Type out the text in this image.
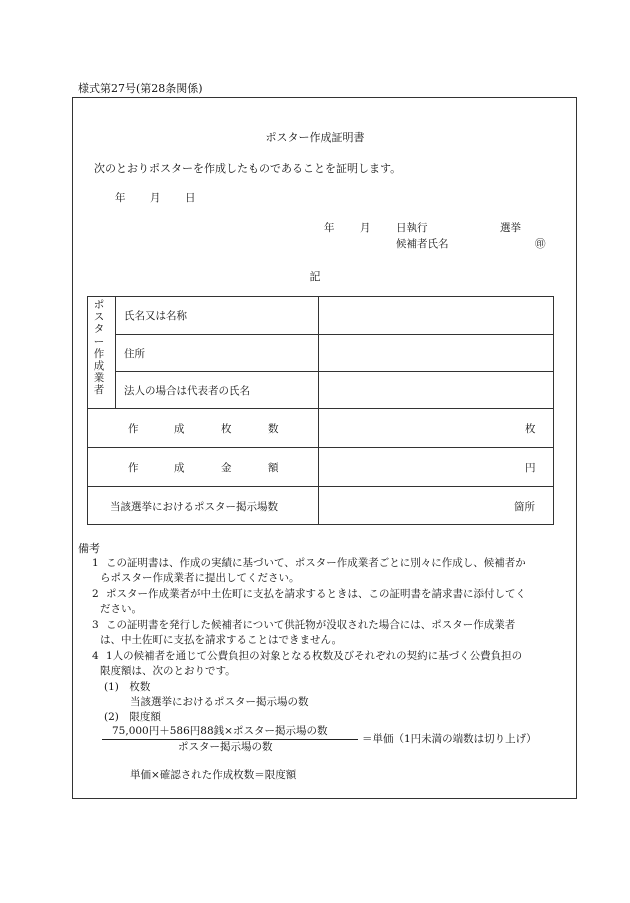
様式第27号(第28条関係)
ポスター作成証明書
次のとおりポスターを作成したものであることを証明します。
年 月 日
年 月 日執行	選挙
候補者氏名	㊞
記
ポ
ス
タ
ー
作
成
業
者
氏名又は名称
住所
法人の場合は代表者の氏名
作	成	枚	数	枚
作	成	金	額	円
当該選挙におけるポスター掲示場数	箇所
備考
1 この証明書は、作成の実績に基づいて、ポスター作成業者ごとに別々に作成し、候補者か
らポスター作成業者に提出してください。
2 ポスター作成業者が中土佐町に支払を請求するときは、この証明書を請求書に添付してく
ださい。
3 この証明書を発行した候補者について供託物が没収された場合には、ポスター作成業者
は、中土佐町に支払を請求することはできません。
4 1人の候補者を通じて公費負担の対象となる枚数及びそれぞれの契約に基づく公費負担の
限度額は、次のとおりです。
(1)　枚数
当該選挙におけるポスター掲示場の数
(2)　限度額
75,000円＋586円88銭×ポスター掲示場の数
ポスター掲示場の数
＝単価（1円未満の端数は切り上げ）
単価×確認された作成枚数＝限度額
